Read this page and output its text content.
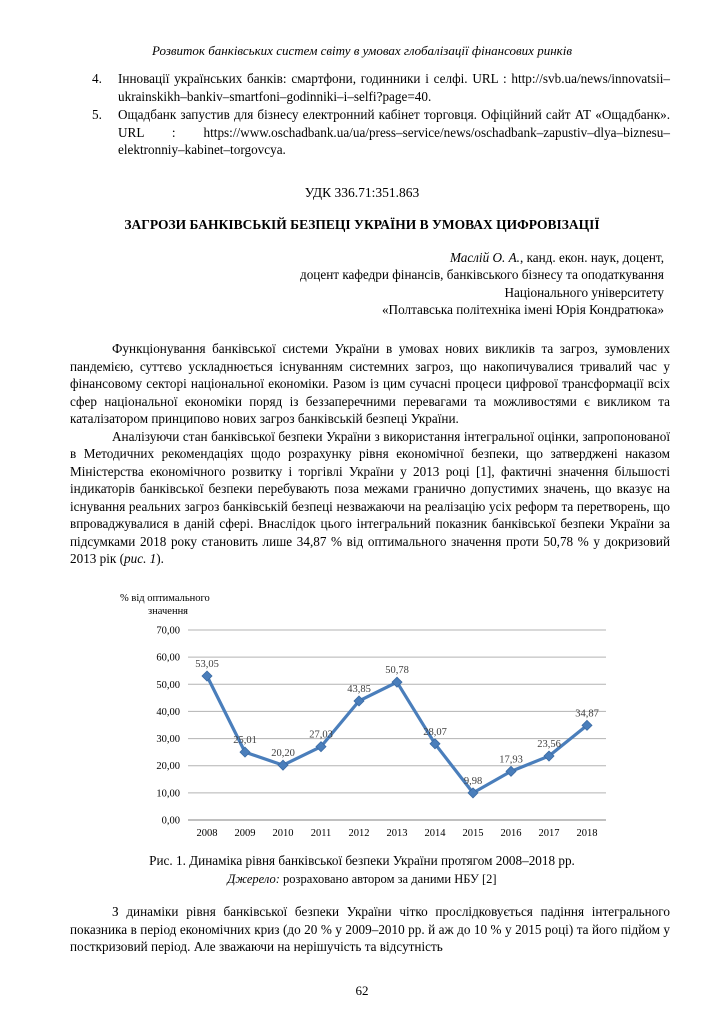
Розвиток банківських систем світу в умовах глобалізації фінансових ринків
4. Інновації українських банків: смартфони, годинники і селфі. URL : http://svb.ua/news/innovatsii–ukrainskikh–bankiv–smartfoni–godinniki–i–selfi?page=40.
5. Ощадбанк запустив для бізнесу електронний кабінет торговця. Офіційний сайт АТ «Ощадбанк». URL : https://www.oschadbank.ua/ua/press–service/news/oschadbank–zapustiv–dlya–biznesu–elektronniy–kabinet–torgovcya.
УДК 336.71:351.863
ЗАГРОЗИ БАНКІВСЬКІЙ БЕЗПЕЦІ УКРАЇНИ В УМОВАХ ЦИФРОВІЗАЦІЇ
Маслій О. А., канд. екон. наук, доцент,
доцент кафедри фінансів, банківського бізнесу та оподаткування
Національного університету
«Полтавська політехніка імені Юрія Кондратюка»

Функціонування банківської системи України в умовах нових викликів та загроз, зумовлених пандемією, суттєво ускладнюється існуванням системних загроз, що накопичувалися тривалий час у фінансовому секторі національної економіки. Разом із цим сучасні процеси цифрової трансформації всіх сфер національної економіки поряд із беззаперечними перевагами та можливостями є викликом та каталізатором принципово нових загроз банківській безпеці України.

Аналізуючи стан банківської безпеки України з використання інтегральної оцінки, запропонованої в Методичних рекомендаціях щодо розрахунку рівня економічної безпеки, що затверджені наказом Міністерства економічного розвитку і торгівлі України у 2013 році [1], фактичні значення більшості індикаторів банківської безпеки перебувають поза межами гранично допустимих значень, що вказує на існування реальних загроз банківській безпеці незважаючи на реалізацію усіх реформ та перетворень, що впроваджувалися в даній сфері. Внаслідок цього інтегральний показник банківської безпеки України за підсумками 2018 року становить лише 34,87 % від оптимального значення проти 50,78 % у докризовий 2013 рік (рис. 1).

% від оптимального
значення
0,00
10,00
20,00
30,00
40,00
50,00
60,00
70,00
2008 2009 2010 2011 2012 2013 2014 2015 2016 2017 2018
53,05
25,01
20,20
27,03
43,85
50,78
28,07
9,98
17,93
23,56
34,87
Рис. 1. Динаміка рівня банківської безпеки України протягом 2008–2018 рр.
Джерело: розраховано автором за даними НБУ [2]

З динаміки рівня банківської безпеки України чітко прослідковується падіння інтегрального показника в період економічних криз (до 20 % у 2009–2010 рр. й аж до 10 % у 2015 році) та його підйом у посткризовий період. Але зважаючи на нерішучість та відсутність

62
